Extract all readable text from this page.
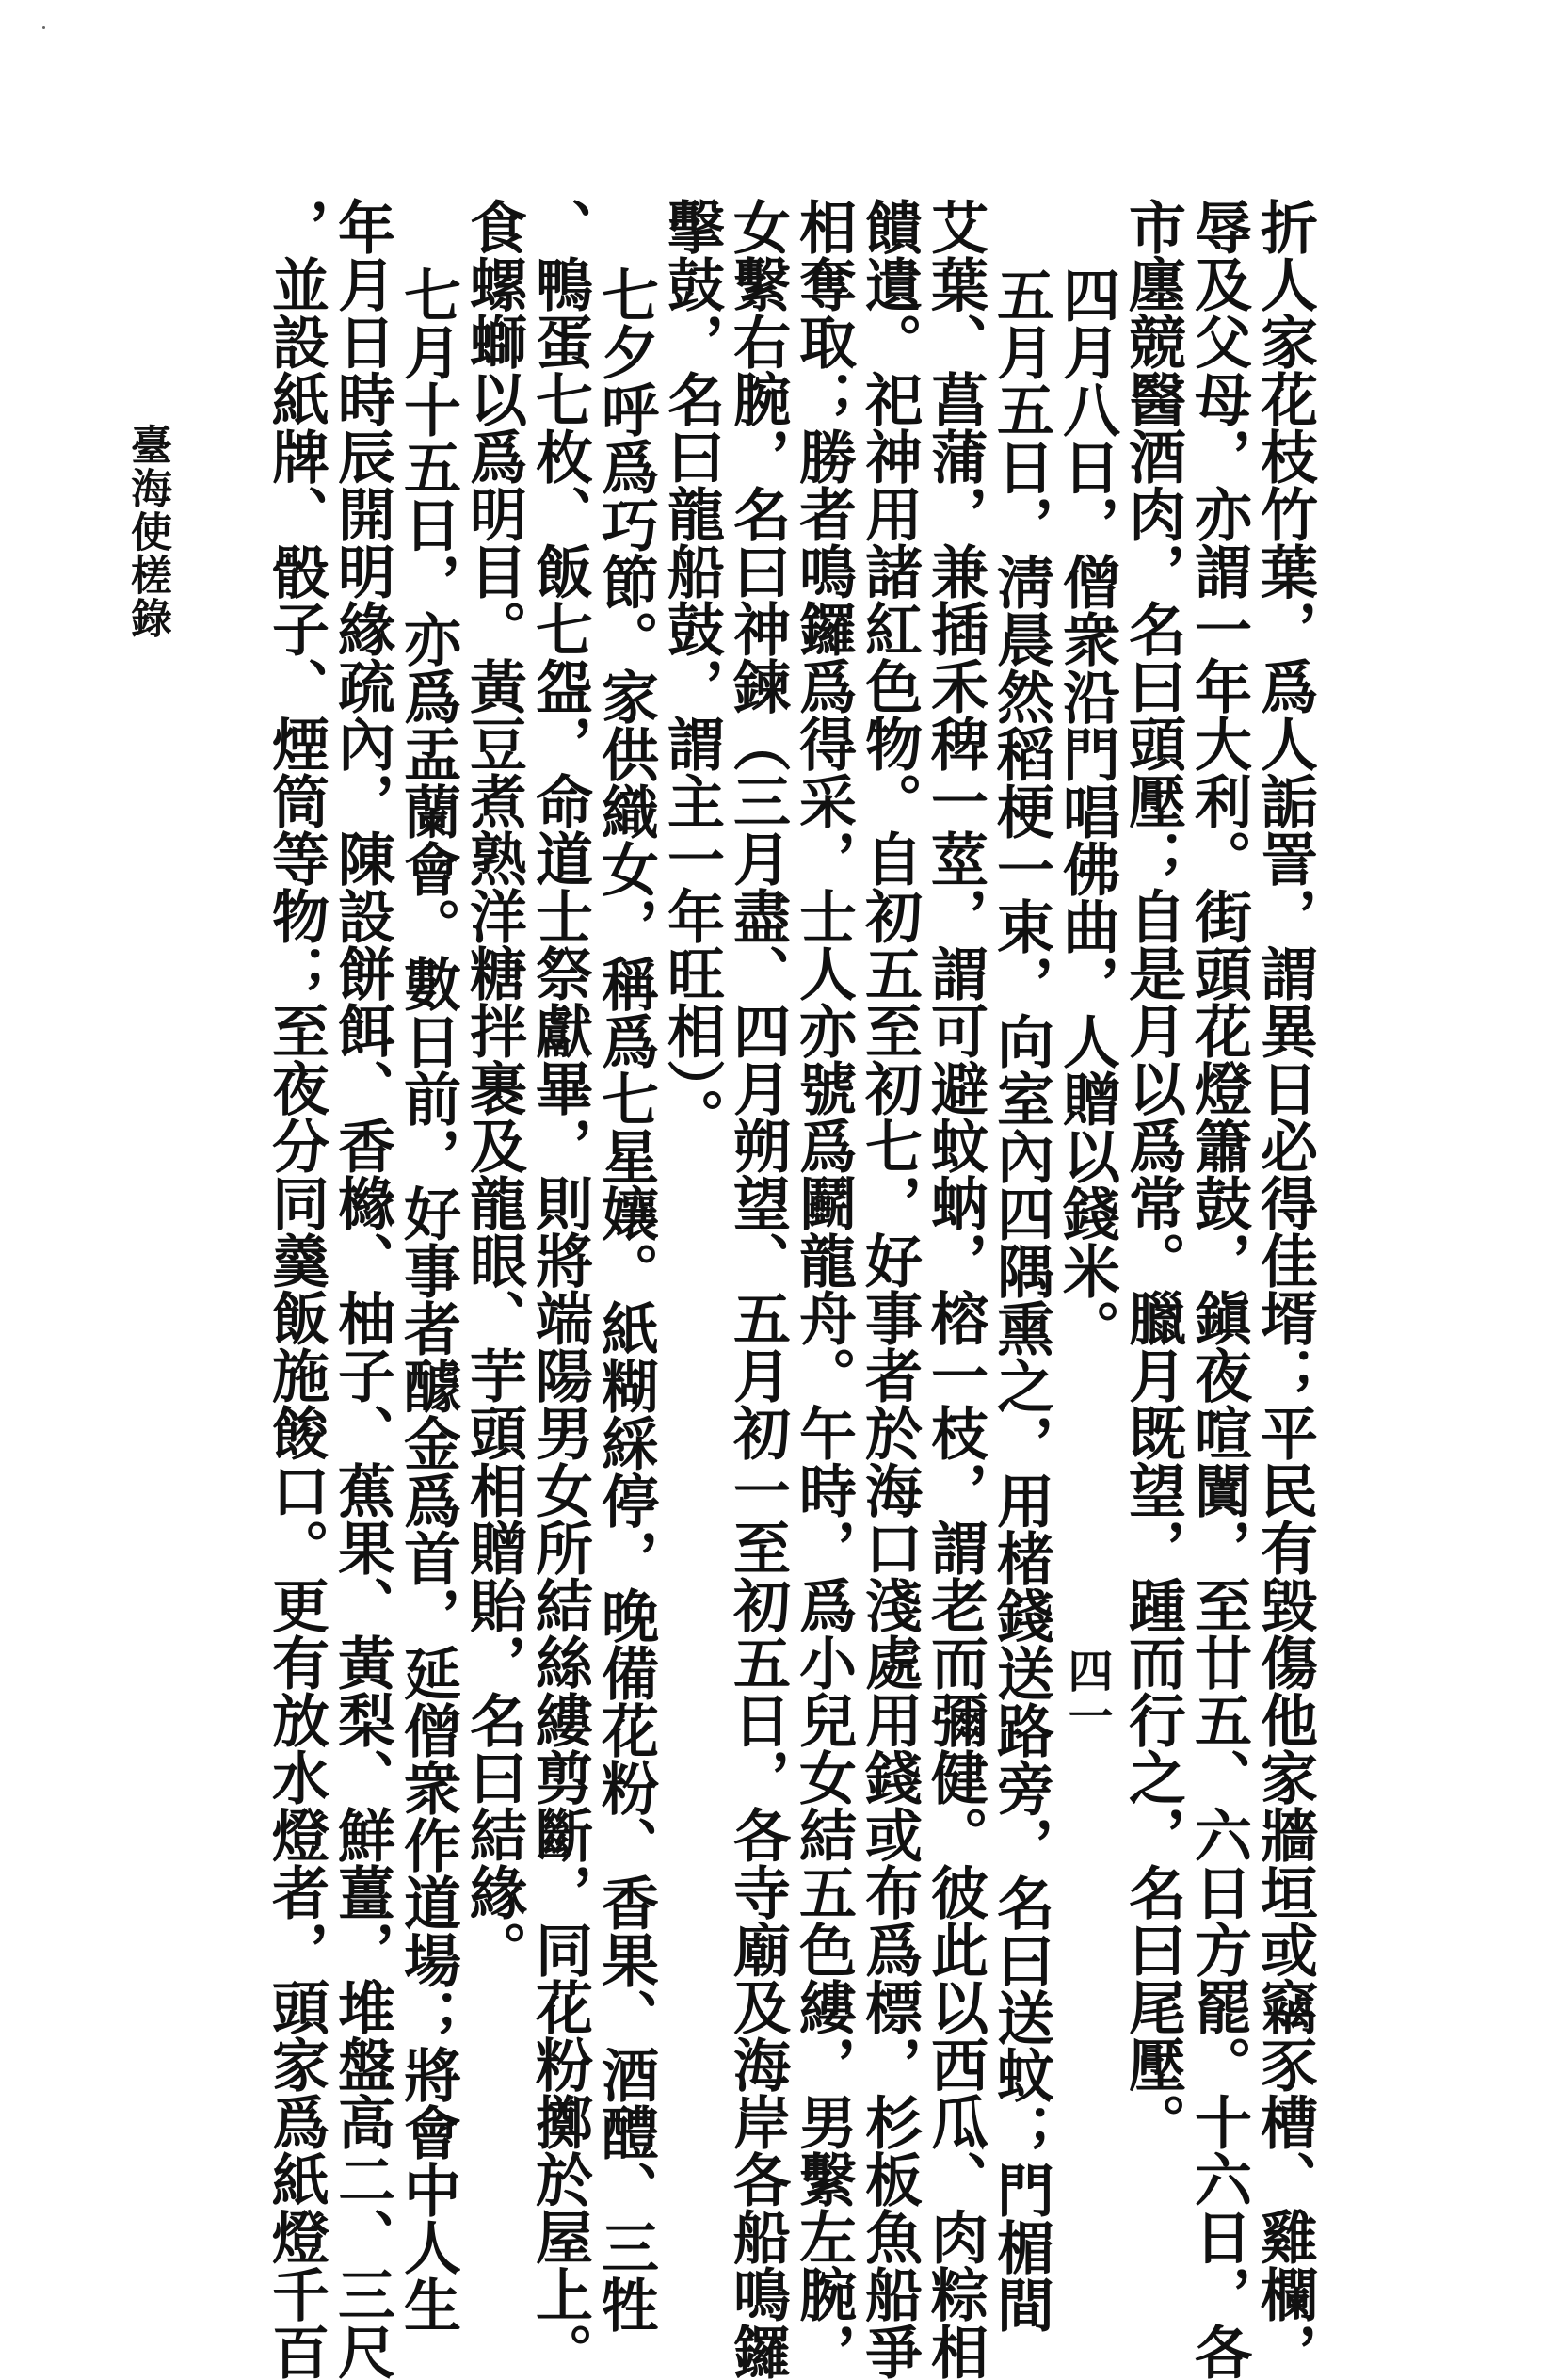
折人家花枝竹葉，爲人詬詈，謂異日必得佳壻；平民有毀傷他家牆垣或竊豕槽、雞欄，
辱及父母，亦謂一年大利。街頭花燈簫鼓，鎭夜喧闐，至廿五、六日方罷。十六日，各
市廛競醫酒肉，名曰頭壓；自是月以爲常。臘月既望，踵而行之，名曰尾壓。
四月八日，僧衆沿門唱佛曲，人贈以錢米。
五月五日，淸晨然稻梗一束，向室內四隅熏之，用楮錢送路旁，名曰送蚊；門楣間
艾葉、菖蒲，兼插禾稗一莖，謂可避蚊蚋，榕一枝，謂老而彌健。彼此以西瓜、肉粽相
饋遺。祀神用諸紅色物。自初五至初七，好事者於海口淺處用錢或布爲標，杉板魚船爭
相奪取；勝者鳴鑼爲得采，士人亦號爲鬬龍舟。午時，爲小兒女結五色縷，男繫左腕，
女繫右腕，名曰神鍊（三月盡、四月朔望、五月初一至初五日，各寺廟及海岸各船鳴鑼
擊鼓，名曰龍船鼓，謂主一年旺相）。
七夕呼爲巧節。家供織女，稱爲七星孃。紙糊綵停，晚備花粉、香果、酒醴、三牲
、鴨蛋七枚、飯七盌，命道士祭獻畢，則將端陽男女所結絲縷剪斷，同花粉擲於屋上。
食螺螄以爲明目。黃豆煮熟洋糖拌裹及龍眼、芋頭相贈貽，名曰結緣。
七月十五日，亦爲盂蘭會。數日前，好事者醵金爲首，延僧衆作道場；將會中人生
年月日時辰開明緣疏內，陳設餅餌、香櫞、柚子、蕉果、黃梨、鮮薑，堆盤高二、三尺
，並設紙牌、骰子、煙筒等物；至夜分同羹飯施餕口。更有放水燈者，頭家爲紙燈千百	四一
臺海使槎錄
